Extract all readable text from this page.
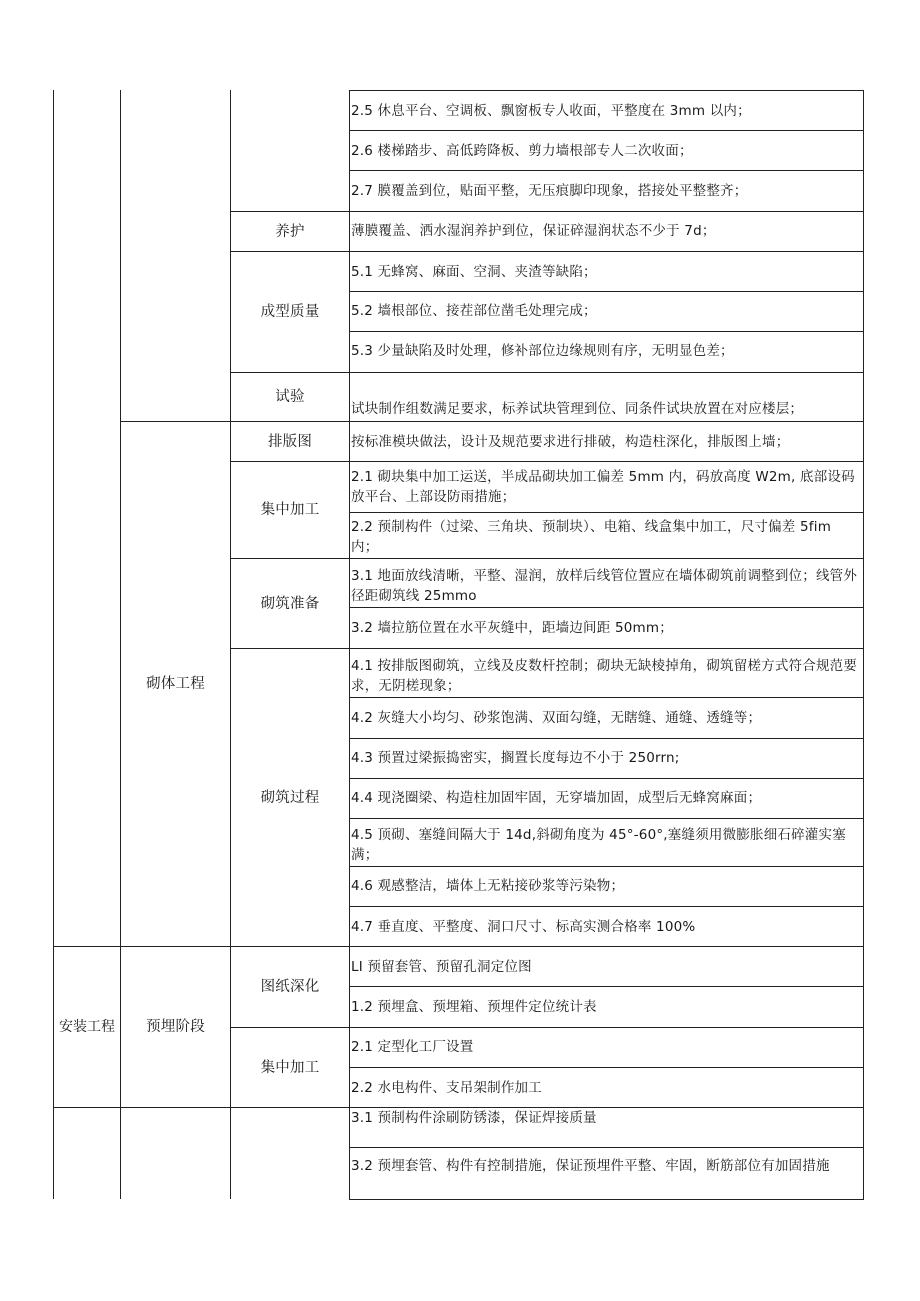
安装工程
砌体工程
预埋阶段
养护
成型质量
试验
排版图
集中加工
砌筑准备
砌筑过程
图纸深化
集中加工
2.5 休息平台、空调板、飘窗板专人收面，平整度在 3mm 以内；
2.6 楼梯踏步、高低跨降板、剪力墙根部专人二次收面；
2.7 膜覆盖到位，贴面平整，无压痕脚印现象，搭接处平整整齐；
薄膜覆盖、洒水湿润养护到位，保证碎湿润状态不少于 7d；
5.1 无蜂窝、麻面、空洞、夹渣等缺陷；
5.2 墙根部位、接茬部位凿毛处理完成；
5.3 少量缺陷及时处理，修补部位边缘规则有序，无明显色差；
试块制作组数满足要求，标养试块管理到位、同条件试块放置在对应楼层；
按标准模块做法，设计及规范要求进行排破，构造柱深化，排版图上墙；
2.1 砌块集中加工运送，半成品砌块加工偏差 5mm 内，码放高度 W2m, 底部设码放平台、上部设防雨措施；
2.2 预制构件（过梁、三角块、预制块）、电箱、线盒集中加工，尺寸偏差 5fim 内；
3.1 地面放线清晰，平整、湿润，放样后线管位置应在墙体砌筑前调整到位；线管外径距砌筑线 25mmo
3.2 墙拉筋位置在水平灰缝中，距墙边间距 50mm；
4.1 按排版图砌筑，立线及皮数杆控制；砌块无缺棱掉角，砌筑留槎方式符合规范要求，无阴槎现象；
4.2 灰缝大小均匀、砂浆饱满、双面勾缝，无瞎缝、通缝、透缝等；
4.3 预置过梁振捣密实，搁置长度每边不小于 250rrn;
4.4 现浇圈梁、构造柱加固牢固，无穿墙加固，成型后无蜂窝麻面；
4.5 顶砌、塞缝间隔大于 14d,斜砌角度为 45°-60°,塞缝须用微膨胀细石碎灌实塞满；
4.6 观感整洁，墙体上无粘接砂浆等污染物；
4.7 垂直度、平整度、洞口尺寸、标高实测合格率 100%
LI 预留套管、预留孔洞定位图
1.2 预埋盒、预埋箱、预埋件定位统计表
2.1 定型化工厂设置
2.2 水电构件、支吊架制作加工
3.1 预制构件涂刷防锈漆，保证焊接质量
3.2 预埋套管、构件有控制措施，保证预埋件平整、牢固，断筋部位有加固措施
